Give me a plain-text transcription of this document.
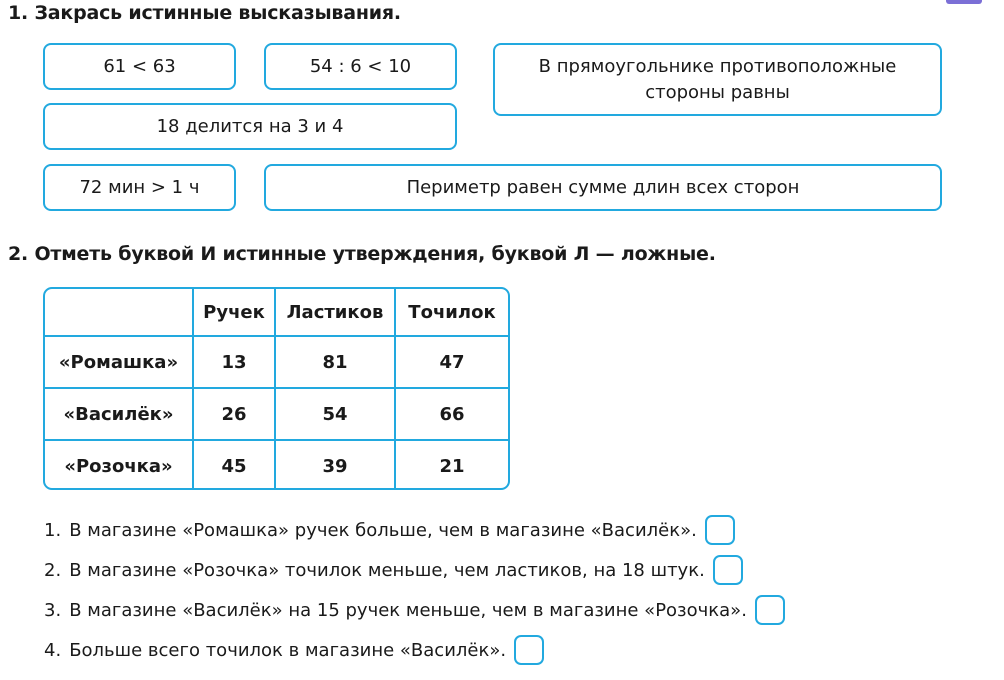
1. Закрась истинные высказывания.
61 < 63	54 : 6 < 10	В прямоугольнике противоположные стороны равны
18 делится на 3 и 4
72 мин > 1 ч	Периметр равен сумме длин всех сторон
2. Отметь буквой И истинные утверждения, буквой Л — ложные.
	Ручек	Ластиков	Точилок
«Ромашка»	13	81	47
«Василёк»	26	54	66
«Розочка»	45	39	21
1. В магазине «Ромашка» ручек больше, чем в магазине «Василёк».
2. В магазине «Розочка» точилок меньше, чем ластиков, на 18 штук.
3. В магазине «Василёк» на 15 ручек меньше, чем в магазине «Розочка».
4. Больше всего точилок в магазине «Василёк».
